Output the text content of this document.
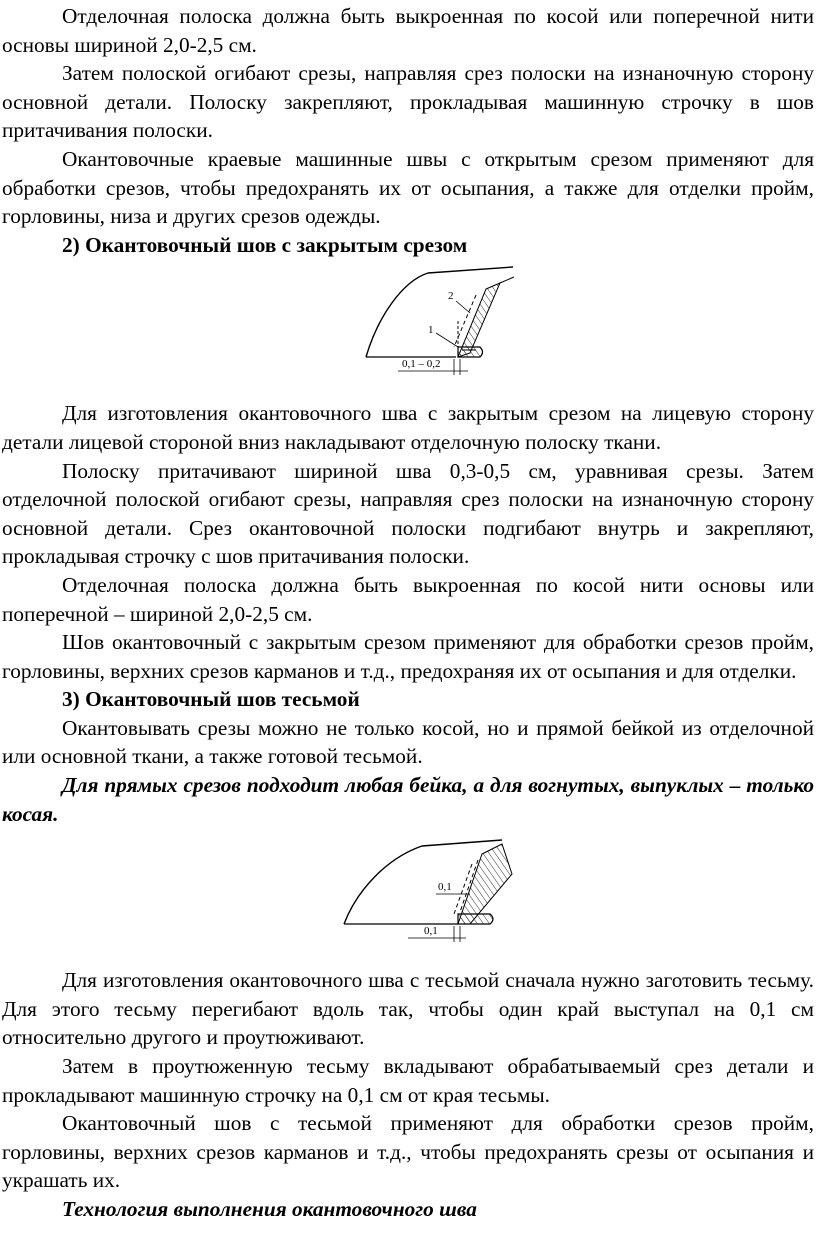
Отделочная полоска должна быть выкроенная по косой или поперечной нити основы шириной 2,0-2,5 см.

Затем полоской огибают срезы, направляя срез полоски на изнаночную сторону основной детали. Полоску закрепляют, прокладывая машинную строчку в шов притачивания полоски.

Окантовочные краевые машинные швы с открытым срезом применяют для обработки срезов, чтобы предохранять их от осыпания, а также для отделки пройм, горловины, низа и других срезов одежды.

2) Окантовочный шов с закрытым срезом

1
2
0,1 – 0,2

Для изготовления окантовочного шва с закрытым срезом на лицевую сторону детали лицевой стороной вниз накладывают отделочную полоску ткани.

Полоску притачивают шириной шва 0,3-0,5 см, уравнивая срезы. Затем отделочной полоской огибают срезы, направляя срез полоски на изнаночную сторону основной детали. Срез окантовочной полоски подгибают внутрь и закрепляют, прокладывая строчку с шов притачивания полоски.

Отделочная полоска должна быть выкроенная по косой нити основы или поперечной – шириной 2,0-2,5 см.

Шов окантовочный с закрытым срезом применяют для обработки срезов пройм, горловины, верхних срезов карманов и т.д., предохраняя их от осыпания и для отделки.

3) Окантовочный шов тесьмой

Окантовывать срезы можно не только косой, но и прямой бейкой из отделочной или основной ткани, а также готовой тесьмой.

Для прямых срезов подходит любая бейка, а для вогнутых, выпуклых – только косая.

0,1
0,1

Для изготовления окантовочного шва с тесьмой сначала нужно заготовить тесьму. Для этого тесьму перегибают вдоль так, чтобы один край выступал на 0,1 см относительно другого и проутюживают.

Затем в проутюженную тесьму вкладывают обрабатываемый срез детали и прокладывают машинную строчку на 0,1 см от края тесьмы.

Окантовочный шов с тесьмой применяют для обработки срезов пройм, горловины, верхних срезов карманов и т.д., чтобы предохранять срезы от осыпания и украшать их.

Технология выполнения окантовочного шва
